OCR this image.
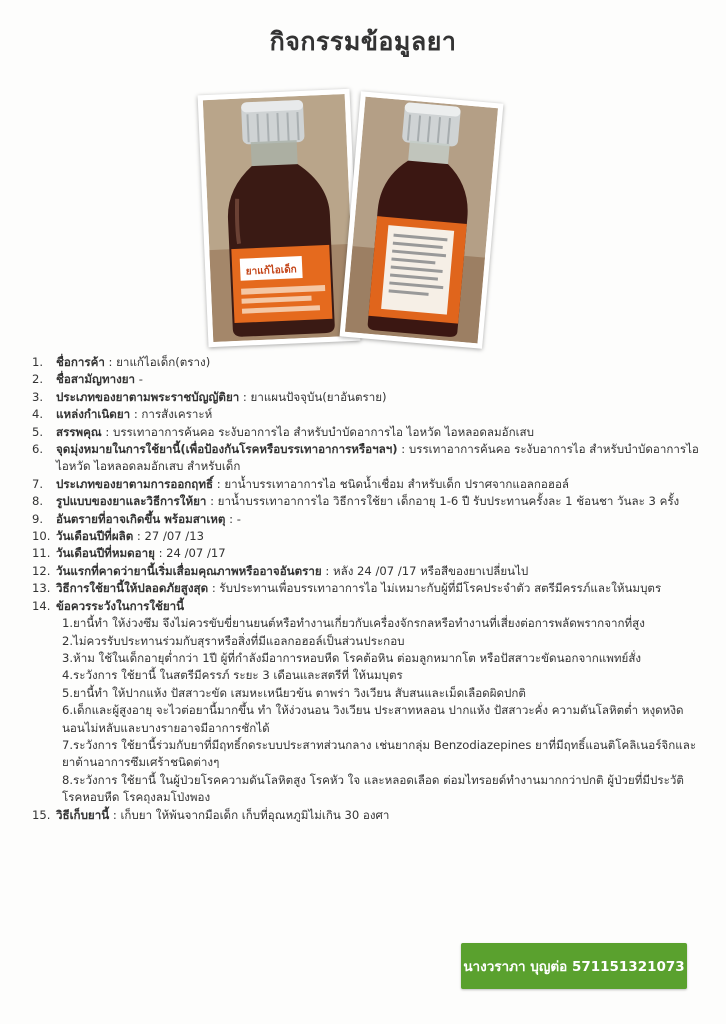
กิจกรรมข้อมูลยา
ยาแก้ไอเด็ก
1. ชื่อการค้า : ยาแก้ไอเด็ก(ตราง)
2. ชื่อสามัญทางยา -
3. ประเภทของยาตามพระราชบัญญัติยา : ยาแผนปัจจุบัน(ยาอันตราย)
4. แหล่งกำเนิดยา : การสังเคราะห์
5. สรรพคุณ : บรรเทาอาการค้นคอ ระงับอาการไอ สำหรับบำบัดอาการไอ ไอหวัด ไอหลอดลมอักเสบ
6. จุดมุ่งหมายในการใช้ยานี้(เพื่อป้องกันโรคหรือบรรเทาอาการหรือฯลฯ) : บรรเทาอาการค้นคอ ระงับอาการไอ สำหรับบำบัดอาการไอ ไอหวัด ไอหลอดลมอักเสบ สำหรับเด็ก
7. ประเภทของยาตามการออกฤทธิ์ : ยาน้ำบรรเทาอาการไอ ชนิดน้ำเชื่อม สำหรับเด็ก ปราศจากแอลกอฮอล์
8. รูปแบบของยาและวิธีการให้ยา : ยาน้ำบรรเทาอาการไอ วิธีการใช้ยา เด็กอายุ 1-6 ปี รับประทานครั้งละ 1 ช้อนชา วันละ 3 ครั้ง
9. อันตรายที่อาจเกิดขึ้น พร้อมสาเหตุ : -
10. วันเดือนปีที่ผลิต : 27 /07 /13
11. วันเดือนปีที่หมดอายุ : 24 /07 /17
12. วันแรกที่คาดว่ายานี้เริ่มเสื่อมคุณภาพหรืออาจอันตราย : หลัง 24 /07 /17 หรือสีของยาเปลี่ยนไป
13. วิธีการใช้ยานี้ให้ปลอดภัยสูงสุด : รับประทานเพื่อบรรเทาอาการไอ ไม่เหมาะกับผู้ที่มีโรคประจำตัว สตรีมีครรภ์และให้นมบุตร
14. ข้อควรระวังในการใช้ยานี้
1.ยานี้ทำ ให้ง่วงซึม จึงไม่ควรขับขี่ยานยนต์หรือทำงานเกี่ยวกับเครื่องจักรกลหรือทำงานที่เสี่ยงต่อการพลัดพรากจากที่สูง
2.ไม่ควรรับประทานร่วมกับสุราหรือสิ่งที่มีแอลกอฮอล์เป็นส่วนประกอบ
3.ห้าม ใช้ในเด็กอายุต่ำกว่า 1ปี ผู้ที่กำลังมีอาการหอบหืด โรคต้อหิน ต่อมลูกหมากโต หรือปัสสาวะขัดนอกจากแพทย์สั่ง
4.ระวังการ ใช้ยานี้ ในสตรีมีครรภ์ ระยะ 3 เดือนและสตรีที่ ให้นมบุตร
5.ยานี้ทำ ให้ปากแห้ง ปัสสาวะขัด เสมหะเหนียวข้น ตาพร่า วิงเวียน สับสนและเม็ดเลือดผิดปกติ
6.เด็กและผู้สูงอายุ จะไวต่อยานี้มากขึ้น ทำ ให้ง่วงนอน วิงเวียน ประสาทหลอน ปากแห้ง ปัสสาวะคั่ง ความดันโลหิตต่ำ หงุดหงิด นอนไม่หลับและบางรายอาจมีอาการชักได้
7.ระวังการ ใช้ยานี้ร่วมกับยาที่มีฤทธิ์กดระบบประสาทส่วนกลาง เช่นยากลุ่ม Benzodiazepines ยาที่มีฤทธิ์แอนติโคลิเนอร์จิกและยาต้านอาการซึมเศร้าชนิดต่างๆ
8.ระวังการ ใช้ยานี้ ในผู้ป่วยโรคความดันโลหิตสูง โรคหัว ใจ และหลอดเลือด ต่อมไทรอยด์ทำงานมากกว่าปกติ ผู้ป่วยที่มีประวัติ โรคหอบหืด โรคถุงลมโป่งพอง
15. วิธีเก็บยานี้ : เก็บยา ให้พ้นจากมือเด็ก เก็บที่อุณหภูมิไม่เกิน 30 องศา
นางวราภา บุญต่อ 571151321073
